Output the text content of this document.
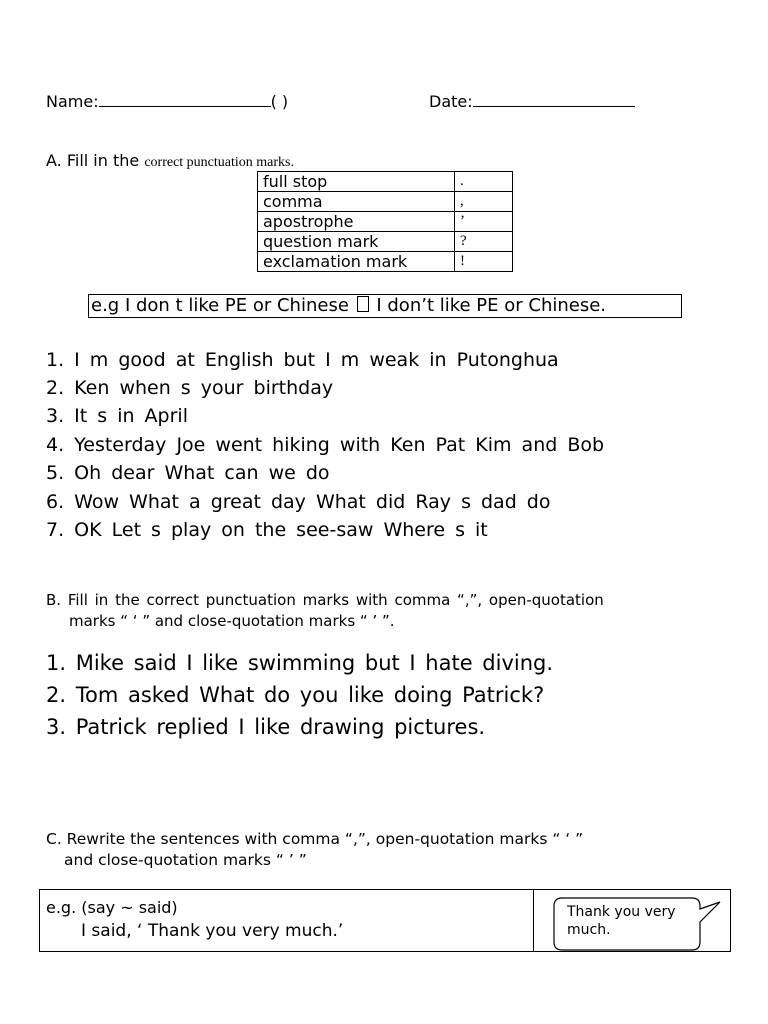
Name:	( )	Date:
A. Fill in the correct punctuation marks.
full stop	.
comma	,
apostrophe	’
question mark	?
exclamation mark	!
e.g I don t like PE or Chinese  I don’t like PE or Chinese.
1. I m good at English but I m weak in Putonghua
2. Ken when s your birthday
3. It s in April
4. Yesterday Joe went hiking with Ken Pat Kim and Bob
5. Oh dear What can we do
6. Wow What a great day What did Ray s dad do
7. OK Let s play on the see-saw Where s it
B. Fill in the correct punctuation marks with comma “,”, open-quotation
marks “ ‘ ” and close-quotation marks “ ’ ”.
1. Mike said I like swimming but I hate diving.
2. Tom asked What do you like doing Patrick?
3. Patrick replied I like drawing pictures.
C. Rewrite the sentences with comma “,”, open-quotation marks “ ‘ ”
and close-quotation marks “ ’ ”
e.g. (say ~ said)
I said, ‘ Thank you very much.’
Thank you very much.
